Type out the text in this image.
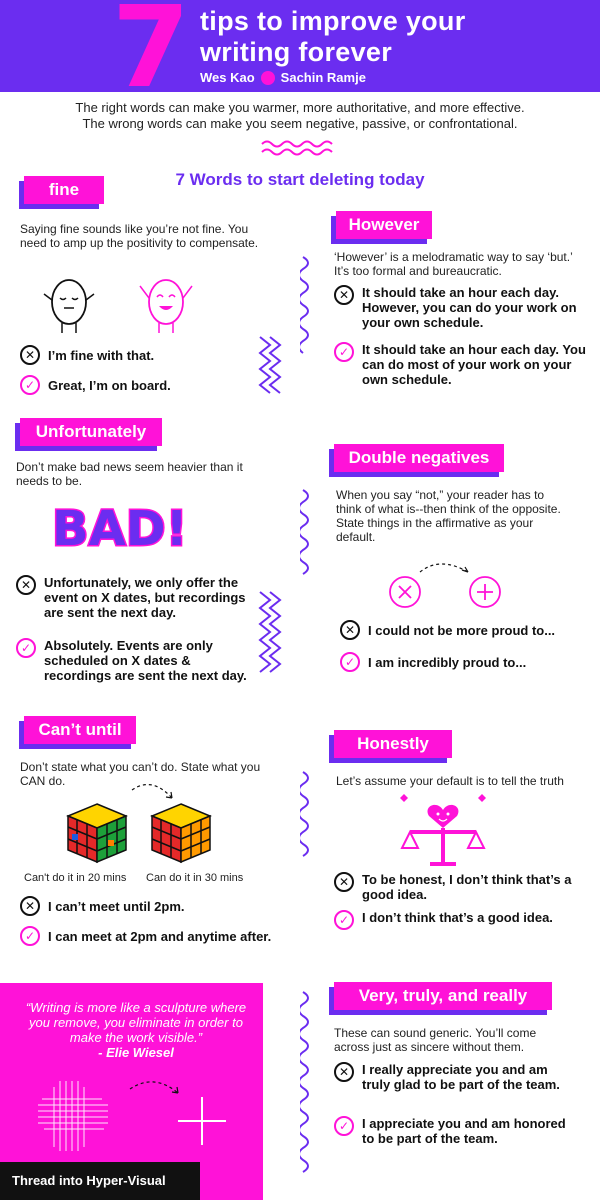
7 tips to improve your
writing forever
Wes Kao Sachin Ramje

The right words can make you warmer, more authoritative, and more effective.

The wrong words can make you seem negative, passive, or confrontational.

7 Words to start deleting today
fine
Saying fine sounds like you’re not fine. You need to amp up the positivity to compensate.
✕ I’m fine with that.
✓ Great, I’m on board.
However
‘However’ is a melodramatic way to say ‘but.’ It’s too formal and bureaucratic.
✕ It should take an hour each day. However, you can do your work on your own schedule.
✓ It should take an hour each day. You can do most of your work on your own schedule.
Unfortunately
Don’t make bad news seem heavier than it needs to be.
BAD!
✕ Unfortunately, we only offer the event on X dates, but recordings are sent the next day.
✓ Absolutely. Events are only scheduled on X dates & recordings are sent the next day.
Double negatives
When you say “not,” your reader has to think of what is--then think of the opposite. State things in the affirmative as your default.
✕ I could not be more proud to...
✓ I am incredibly proud to...
Can’t until
Don’t state what you can’t do. State what you CAN do.
Can't do it in 20 mins Can do it in 30 mins
✕ I can’t meet until 2pm.
✓ I can meet at 2pm and anytime after.
Honestly
Let’s assume your default is to tell the truth
✕ To be honest, I don’t think that’s a good idea.
✓ I don’t think that’s a good idea.
Very, truly, and really
These can sound generic. You’ll come across just as sincere without them.
✕ I really appreciate you and am truly glad to be part of the team.
✓ I appreciate you and am honored to be part of the team.
“Writing is more like a sculpture where you remove, you eliminate in order to make the work visible.”
- Elie Wiesel
Thread into Hyper-Visual
